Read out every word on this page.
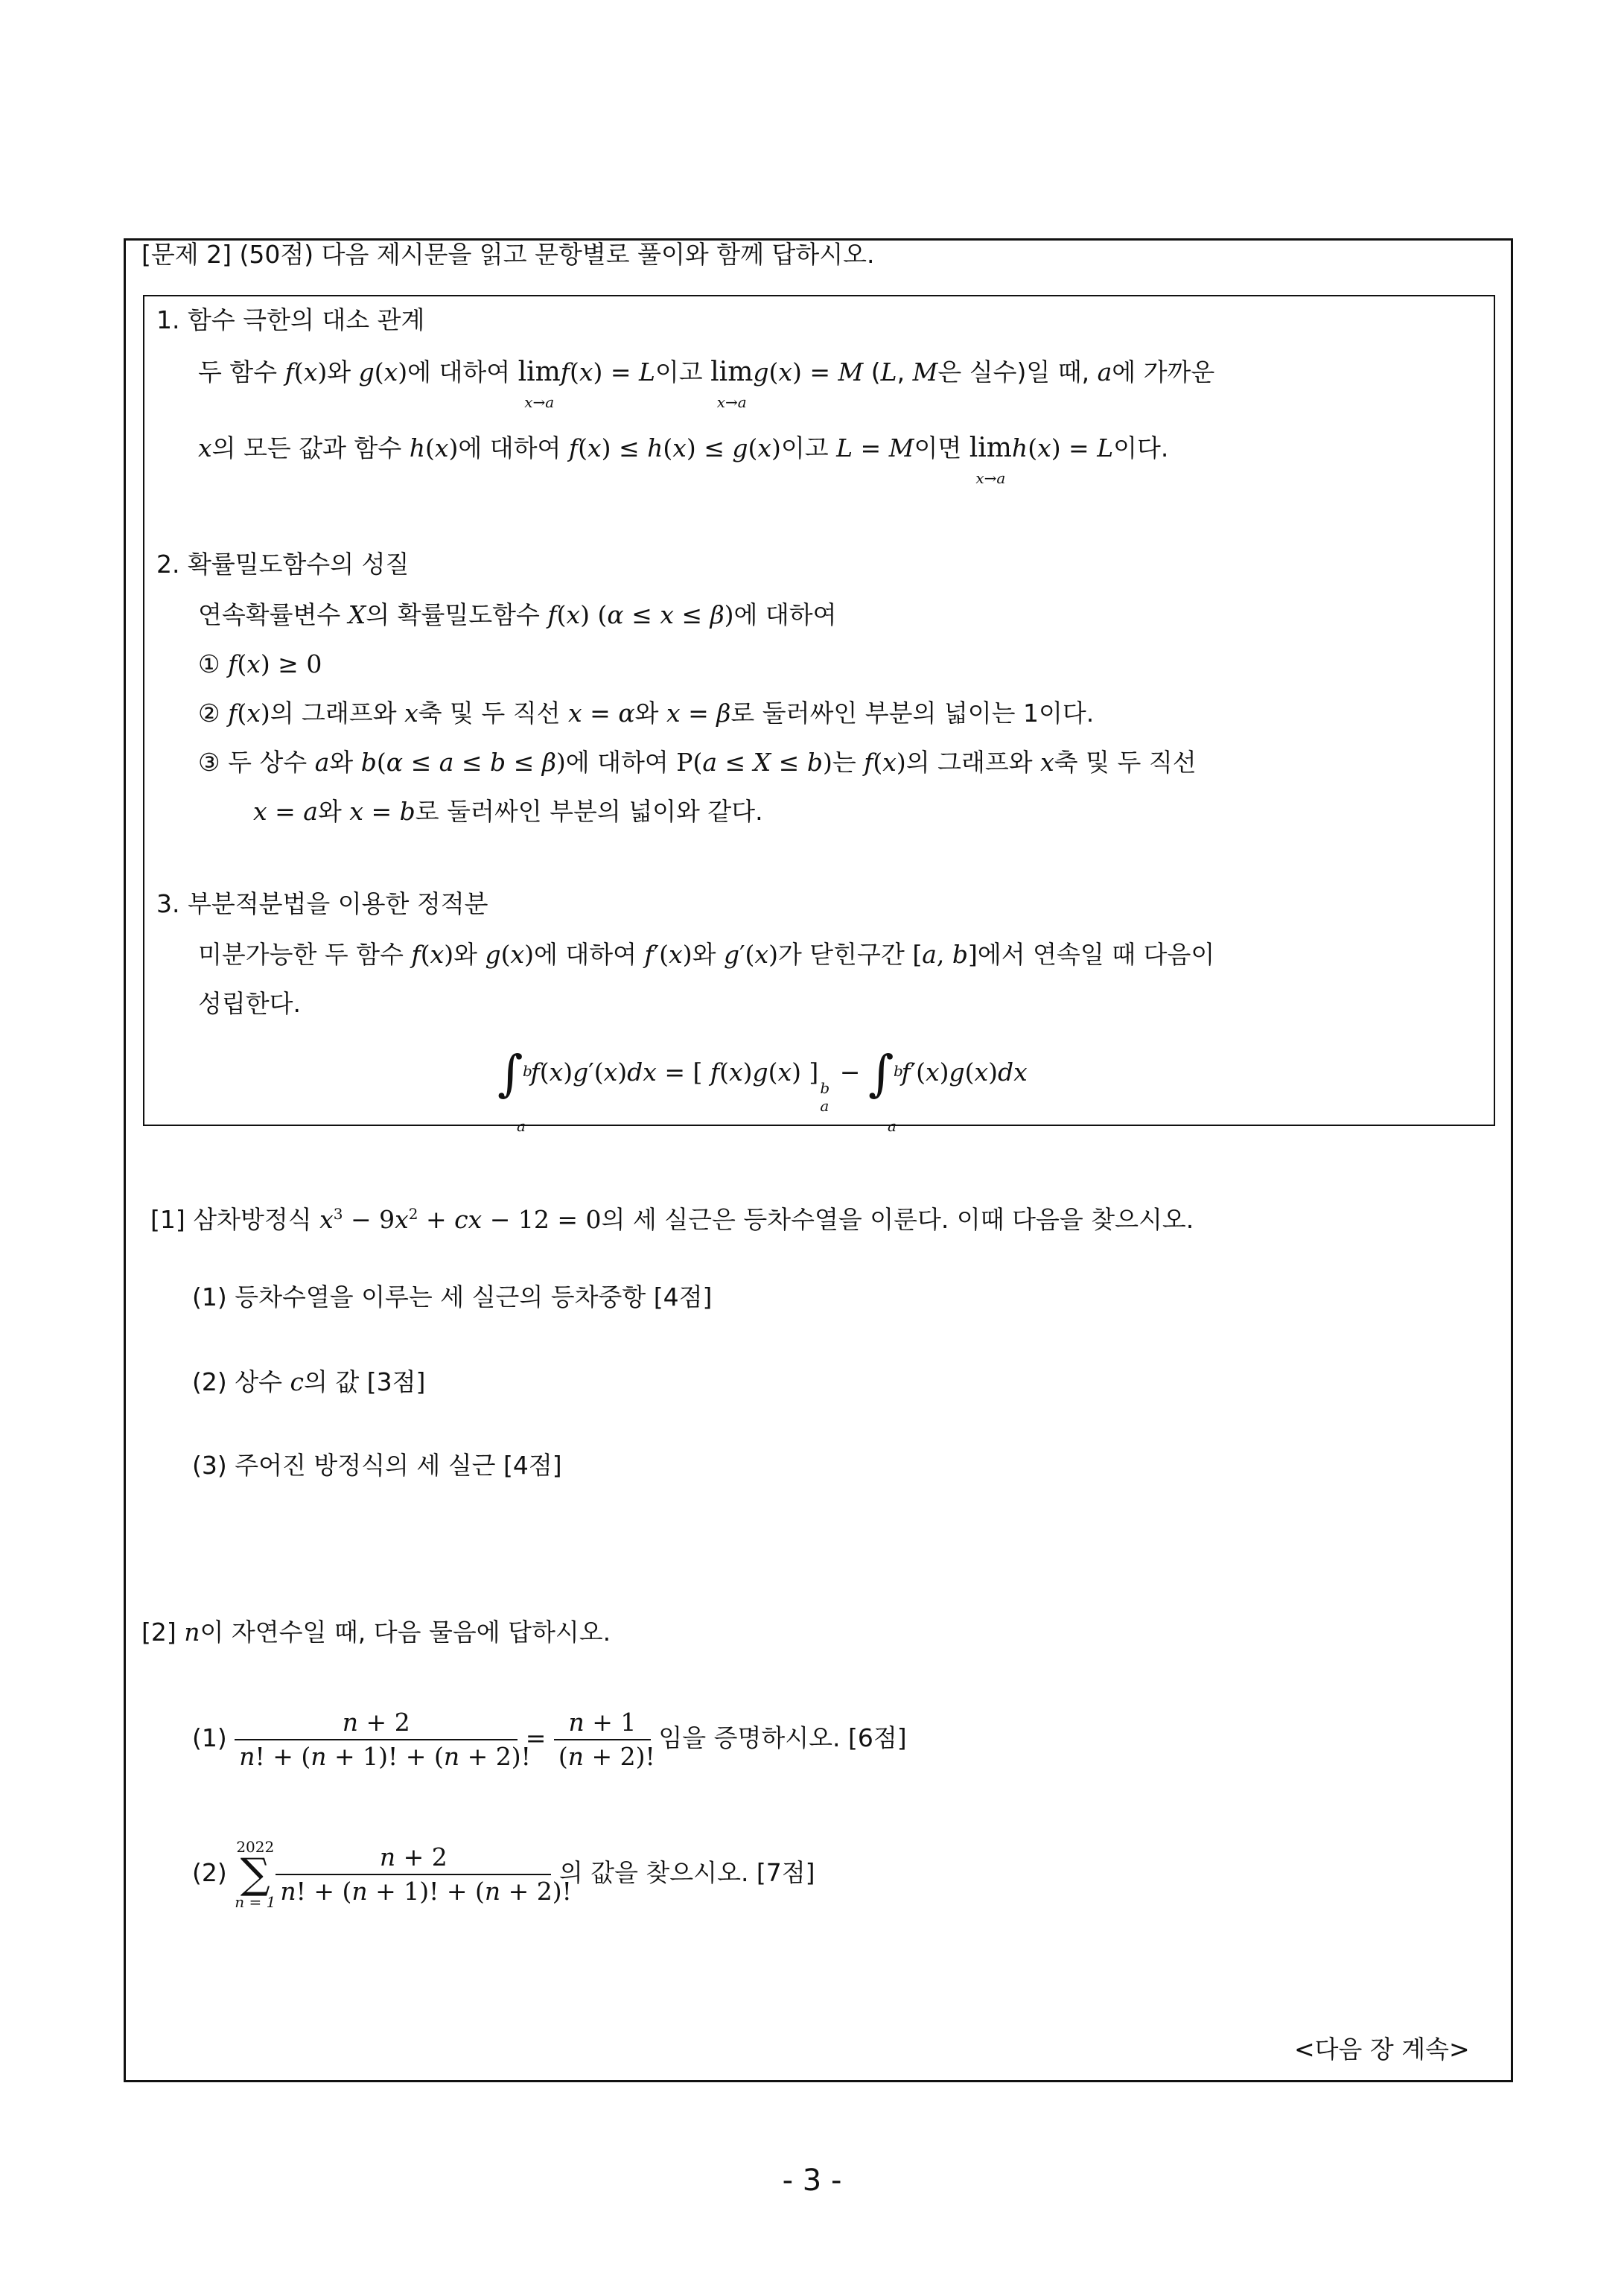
[문제 2] (50점) 다음 제시문을 읽고 문항별로 풀이와 함께 답하시오.
1. 함수 극한의 대소 관계
두 함수 f(x)와 g(x)에 대하여 lim
x→a
f(x) = L이고 lim
x→a
g(x) = M (L, M은 실수)일 때, a에 가까운
x의 모든 값과 함수 h(x)에 대하여 f(x) ≤ h(x) ≤ g(x)이고 L = M이면 lim
x→a
h(x) = L이다.
2. 확률밀도함수의 성질
연속확률변수 X의 확률밀도함수 f(x) (α ≤ x ≤ β)에 대하여
① f(x) ≥ 0
② f(x)의 그래프와 x축 및 두 직선 x = α와 x = β로 둘러싸인 부분의 넓이는 1이다.
③ 두 상수 a와 b(α ≤ a ≤ b ≤ β)에 대하여 P(a ≤ X ≤ b)는 f(x)의 그래프와 x축 및 두 직선
x = a와 x = b로 둘러싸인 부분의 넓이와 같다.
3. 부분적분법을 이용한 정적분
미분가능한 두 함수 f(x)와 g(x)에 대하여 f′(x)와 g′(x)가 닫힌구간 [a, b]에서 연속일 때 다음이
성립한다.
∫ b
a
f(x)g′(x)dx = [ f(x)g(x) ]
b
a
− ∫ b
a
f′(x)g(x)dx
[1] 삼차방정식 $x^3 - 9x^2$ + cx − 12 = 0의 세 실근은 등차수열을 이룬다. 이때 다음을 찾으시오.
(1) 등차수열을 이루는 세 실근의 등차중항 [4점]
(2) 상수 c의 값 [3점]
(3) 주어진 방정식의 세 실근 [4점]
[2] n이 자연수일 때, 다음 물음에 답하시오.
$(1) \frac{n + 2}{n! + (n + 1)! + (n + 2)!} = \frac{n + 1}{(n + 2)!}$ 임을 증명하시오. [6점]
(2)
2022
∑
$n = 1 \frac{n + 2}{n! + (n + 1)! + (n + 2)!}$ 의 값을 찾으시오. [7점]
<다음 장 계속>
- 3 -
